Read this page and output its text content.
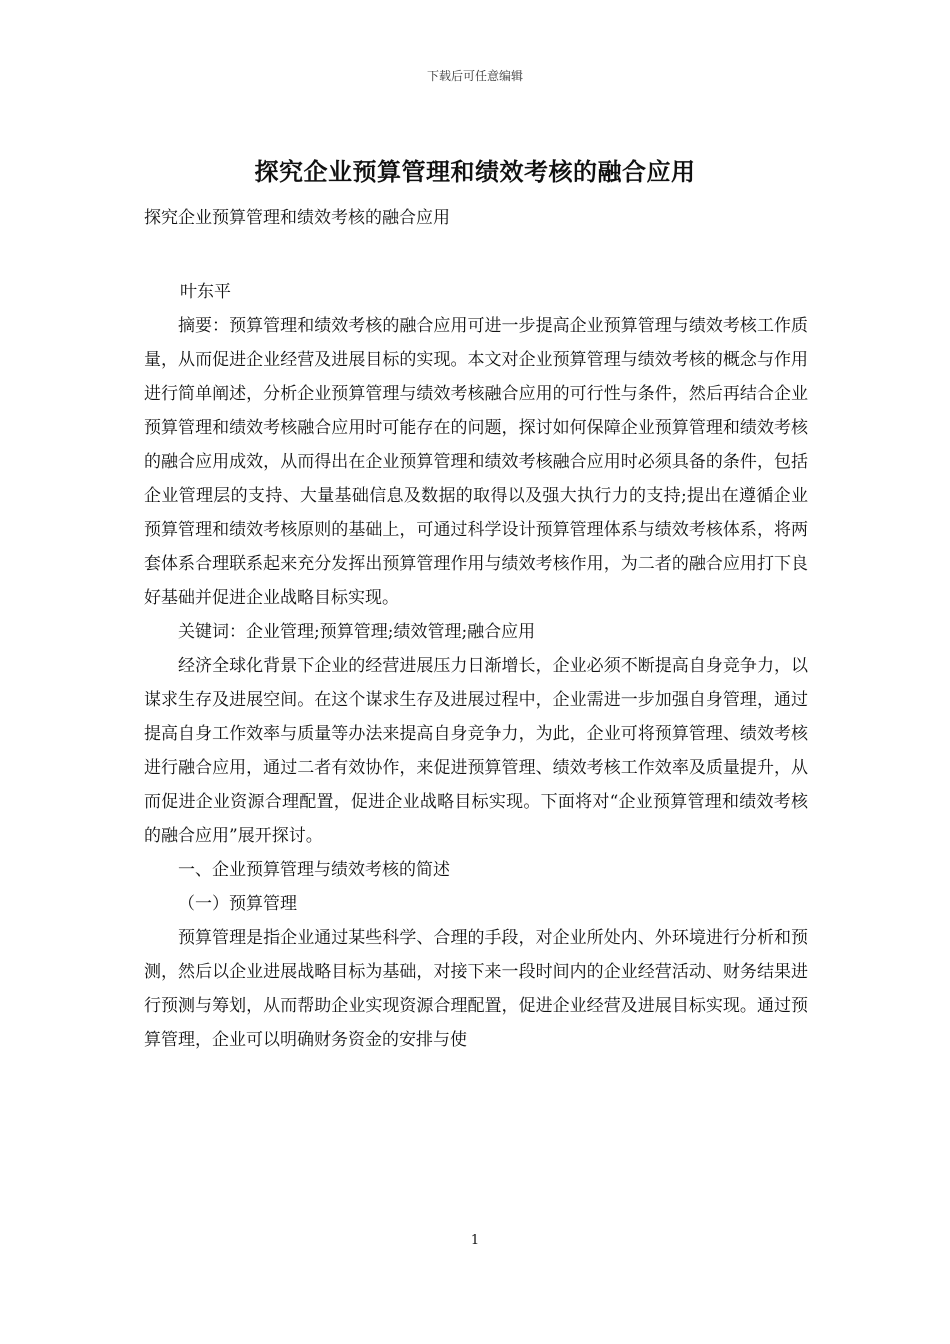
下载后可任意编辑
探究企业预算管理和绩效考核的融合应用
探究企业预算管理和绩效考核的融合应用
叶东平

摘要：预算管理和绩效考核的融合应用可进一步提高企业预算管理与绩效考核工作质量，从而促进企业经营及进展目标的实现。本文对企业预算管理与绩效考核的概念与作用进行简单阐述，分析企业预算管理与绩效考核融合应用的可行性与条件，然后再结合企业预算管理和绩效考核融合应用时可能存在的问题，探讨如何保障企业预算管理和绩效考核的融合应用成效，从而得出在企业预算管理和绩效考核融合应用时必须具备的条件，包括企业管理层的支持、大量基础信息及数据的取得以及强大执行力的支持;提出在遵循企业预算管理和绩效考核原则的基础上，可通过科学设计预算管理体系与绩效考核体系，将两套体系合理联系起来充分发挥出预算管理作用与绩效考核作用，为二者的融合应用打下良好基础并促进企业战略目标实现。

关键词：企业管理;预算管理;绩效管理;融合应用

经济全球化背景下企业的经营进展压力日渐增长，企业必须不断提高自身竞争力，以谋求生存及进展空间。在这个谋求生存及进展过程中，企业需进一步加强自身管理，通过提高自身工作效率与质量等办法来提高自身竞争力，为此，企业可将预算管理、绩效考核进行融合应用，通过二者有效协作，来促进预算管理、绩效考核工作效率及质量提升，从而促进企业资源合理配置，促进企业战略目标实现。下面将对“企业预算管理和绩效考核的融合应用”展开探讨。

一、企业预算管理与绩效考核的简述

（一）预算管理

预算管理是指企业通过某些科学、合理的手段，对企业所处内、外环境进行分析和预测，然后以企业进展战略目标为基础，对接下来一段时间内的企业经营活动、财务结果进行预测与筹划，从而帮助企业实现资源合理配置，促进企业经营及进展目标实现。通过预算管理，企业可以明确财务资金的安排与使

1
